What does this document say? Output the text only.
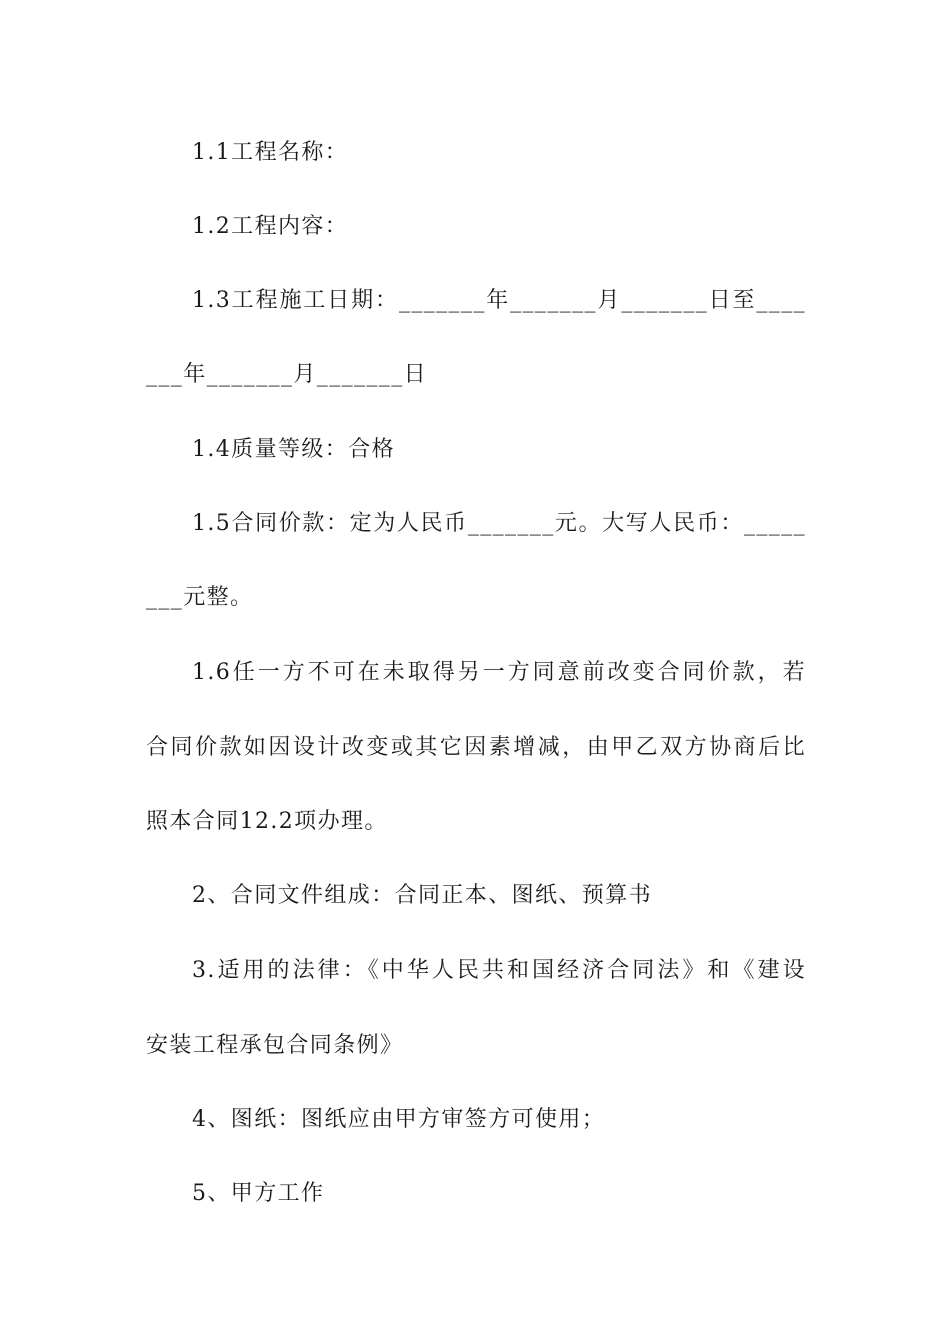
1.1工程名称：
1.2工程内容：
1.3工程施工日期：_______年_______月_______日至____
___年_______月_______日
1.4质量等级：合格
1.5合同价款：定为人民币_______元。大写人民币：_____
___元整。
1.6任一方不可在未取得另一方同意前改变合同价款，若
合同价款如因设计改变或其它因素增减，由甲乙双方协商后比
照本合同12.2项办理。
2、合同文件组成：合同正本、图纸、预算书
3.适用的法律：《中华人民共和国经济合同法》和《建设
安装工程承包合同条例》
4、图纸：图纸应由甲方审签方可使用；
5、甲方工作
